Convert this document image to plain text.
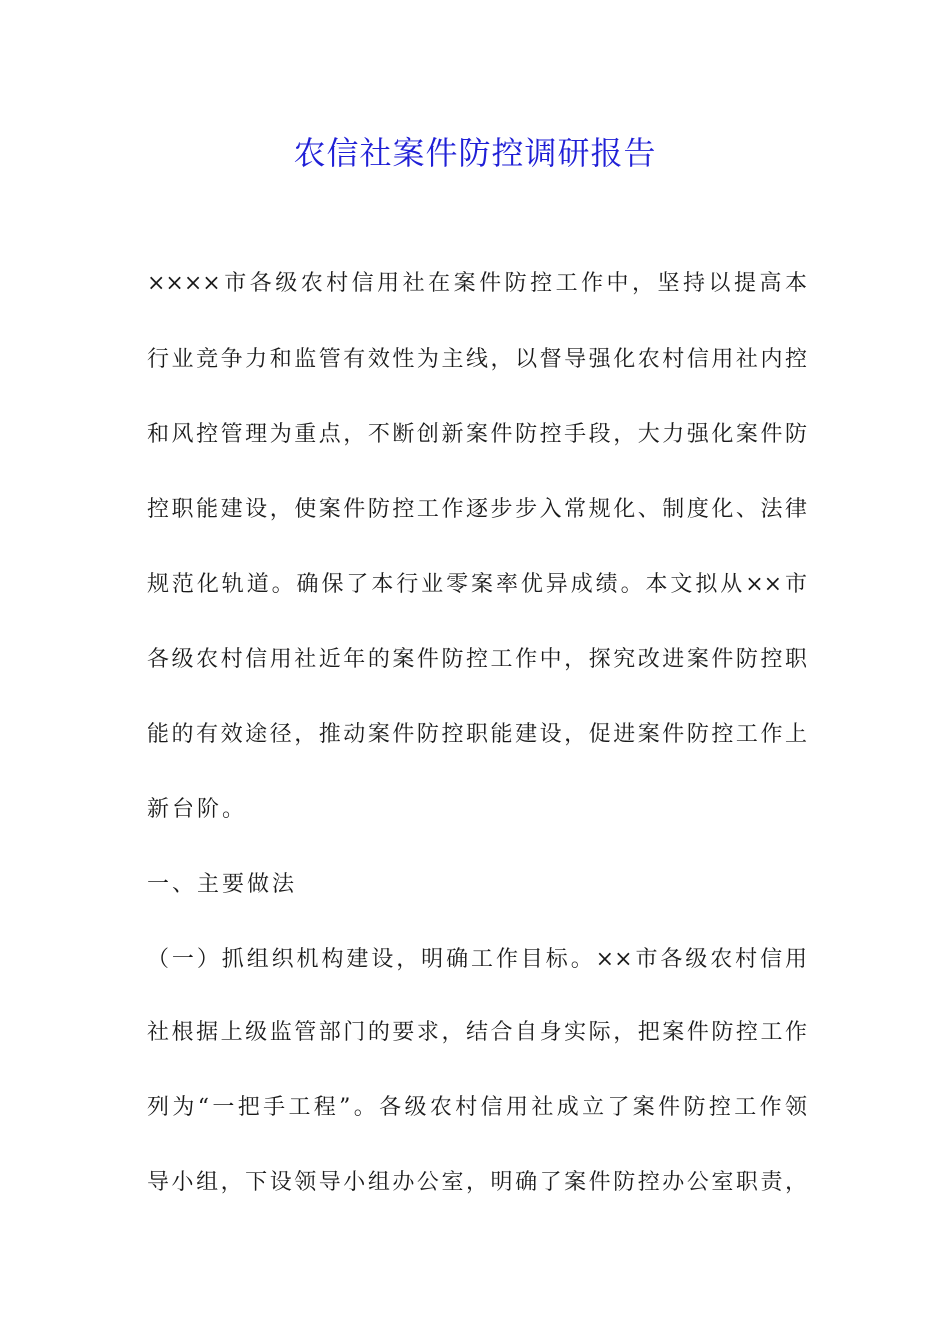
农信社案件防控调研报告
××××市各级农村信用社在案件防控工作中，坚持以提高本
行业竞争力和监管有效性为主线，以督导强化农村信用社内控
和风控管理为重点，不断创新案件防控手段，大力强化案件防
控职能建设，使案件防控工作逐步步入常规化、制度化、法律
规范化轨道。确保了本行业零案率优异成绩。本文拟从××市
各级农村信用社近年的案件防控工作中，探究改进案件防控职
能的有效途径，推动案件防控职能建设，促进案件防控工作上
新台阶。
一、主要做法
（一）抓组织机构建设，明确工作目标。××市各级农村信用
社根据上级监管部门的要求，结合自身实际，把案件防控工作
列为“一把手工程”。各级农村信用社成立了案件防控工作领
导小组，下设领导小组办公室，明确了案件防控办公室职责，
